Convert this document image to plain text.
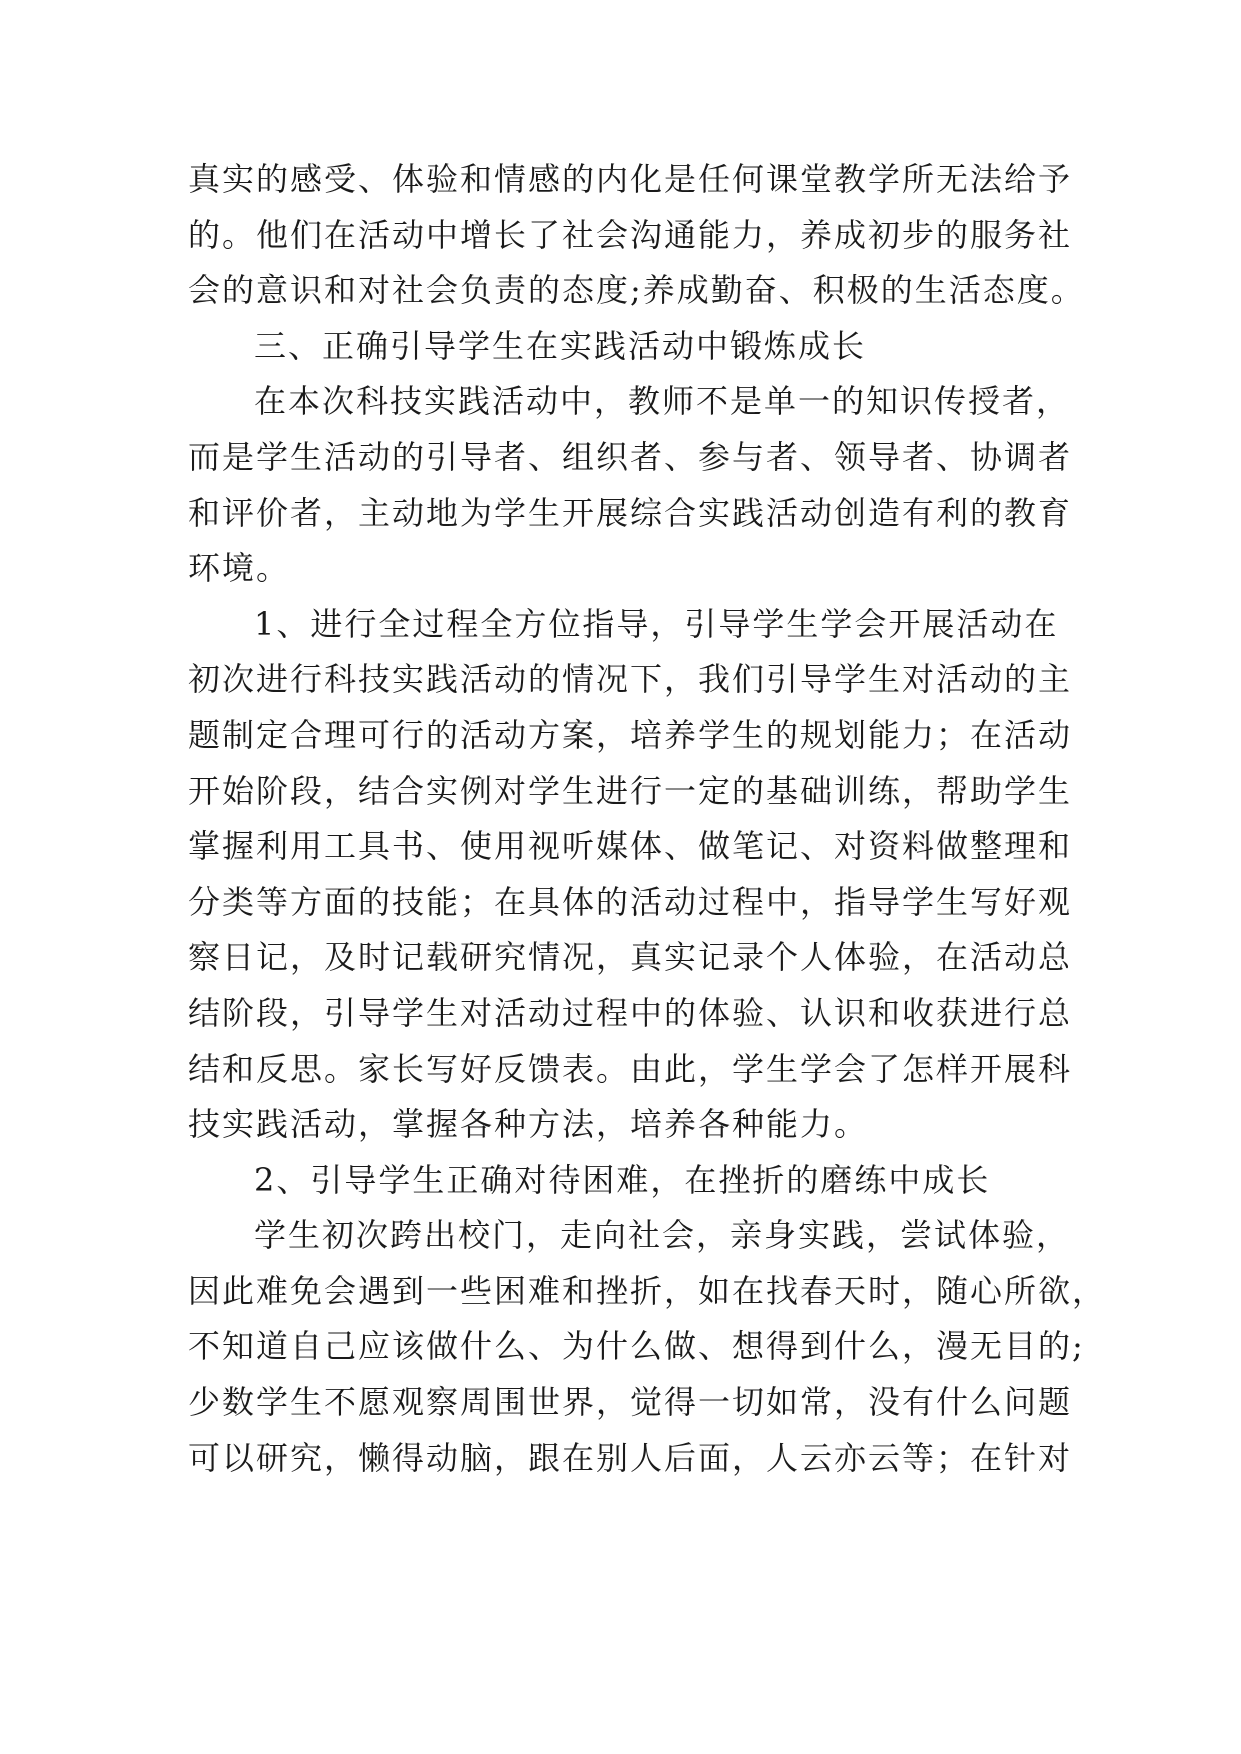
真实的感受、体验和情感的内化是任何课堂教学所无法给予
的。他们在活动中增长了社会沟通能力，养成初步的服务社
会的意识和对社会负责的态度;养成勤奋、积极的生活态度。
三、正确引导学生在实践活动中锻炼成长
在本次科技实践活动中，教师不是单一的知识传授者，
而是学生活动的引导者、组织者、参与者、领导者、协调者
和评价者，主动地为学生开展综合实践活动创造有利的教育
环境。
1、进行全过程全方位指导，引导学生学会开展活动在
初次进行科技实践活动的情况下，我们引导学生对活动的主
题制定合理可行的活动方案，培养学生的规划能力；在活动
开始阶段，结合实例对学生进行一定的基础训练，帮助学生
掌握利用工具书、使用视听媒体、做笔记、对资料做整理和
分类等方面的技能；在具体的活动过程中，指导学生写好观
察日记，及时记载研究情况，真实记录个人体验，在活动总
结阶段，引导学生对活动过程中的体验、认识和收获进行总
结和反思。家长写好反馈表。由此，学生学会了怎样开展科
技实践活动，掌握各种方法，培养各种能力。
2、引导学生正确对待困难，在挫折的磨练中成长
学生初次跨出校门，走向社会，亲身实践，尝试体验，
因此难免会遇到一些困难和挫折，如在找春天时，随心所欲，
不知道自己应该做什么、为什么做、想得到什么，漫无目的;
少数学生不愿观察周围世界，觉得一切如常，没有什么问题
可以研究，懒得动脑，跟在别人后面，人云亦云等；在针对
